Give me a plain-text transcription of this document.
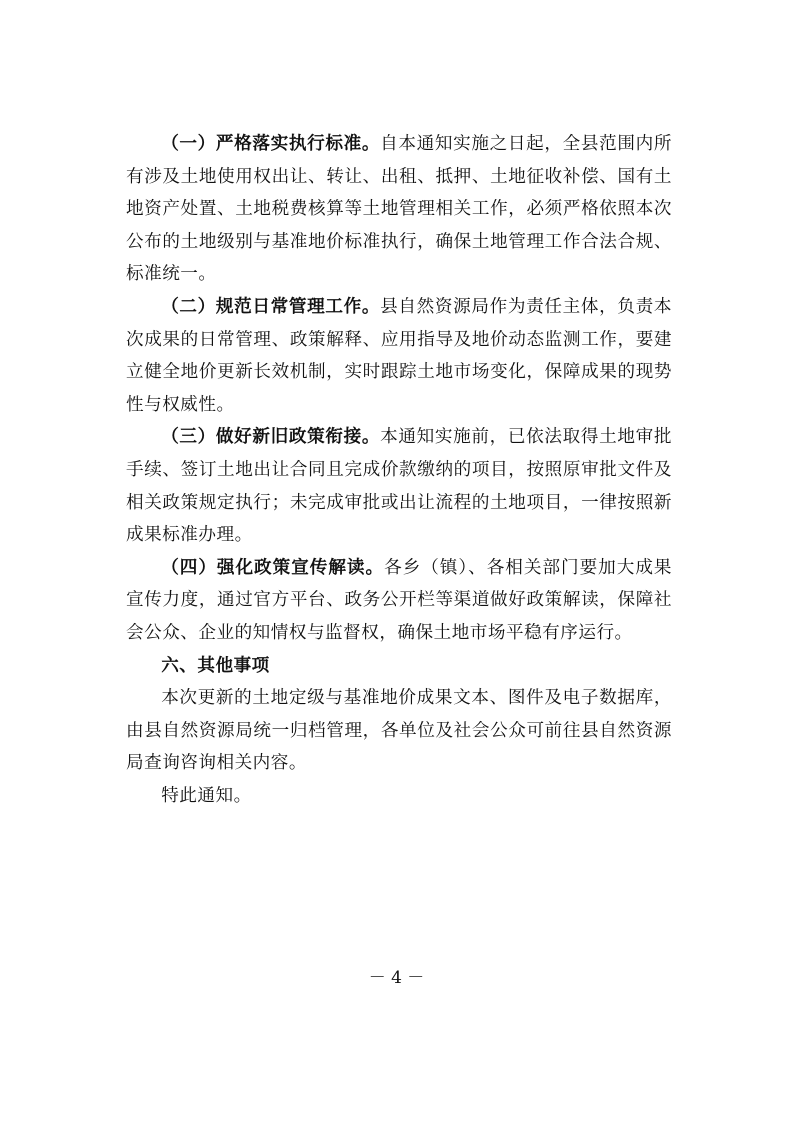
（一）严格落实执行标准。自本通知实施之日起，全县范围内所有涉及土地使用权出让、转让、出租、抵押、土地征收补偿、国有土地资产处置、土地税费核算等土地管理相关工作，必须严格依照本次公布的土地级别与基准地价标准执行，确保土地管理工作合法合规、标准统一。

（二）规范日常管理工作。县自然资源局作为责任主体，负责本次成果的日常管理、政策解释、应用指导及地价动态监测工作，要建立健全地价更新长效机制，实时跟踪土地市场变化，保障成果的现势性与权威性。

（三）做好新旧政策衔接。本通知实施前，已依法取得土地审批手续、签订土地出让合同且完成价款缴纳的项目，按照原审批文件及相关政策规定执行；未完成审批或出让流程的土地项目，一律按照新成果标准办理。

（四）强化政策宣传解读。各乡（镇）、各相关部门要加大成果宣传力度，通过官方平台、政务公开栏等渠道做好政策解读，保障社会公众、企业的知情权与监督权，确保土地市场平稳有序运行。

六、其他事项

本次更新的土地定级与基准地价成果文本、图件及电子数据库，由县自然资源局统一归档管理，各单位及社会公众可前往县自然资源局查询咨询相关内容。

特此通知。

－ 4 －
